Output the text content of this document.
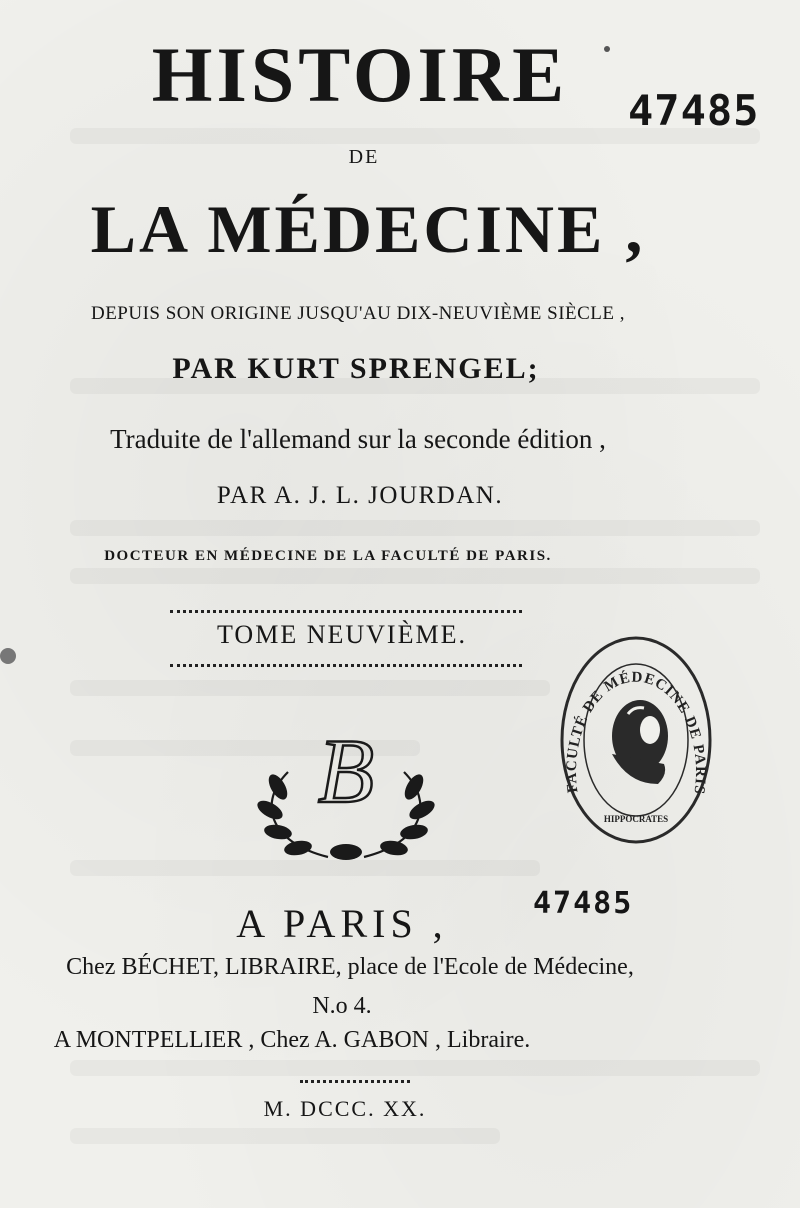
HISTOIRE
DE
LA MÉDECINE ,
DEPUIS SON ORIGINE JUSQU'AU DIX-NEUVIÈME SIÈCLE ,
PAR KURT SPRENGEL;
Traduite de l'allemand sur la seconde édition ,
PAR A. J. L. JOURDAN.
DOCTEUR EN MÉDECINE DE LA FACULTÉ DE PARIS.
TOME NEUVIÈME.
B	FACULTÉ DE MÉDECINE DE PARIS
HIPPOCRATES
47485
A PARIS ,	47485
Chez BÉCHET, LIBRAIRE, place de l'Ecole de Médecine,
N.o 4.
A MONTPELLIER , Chez A. GABON , Libraire.
M. DCCC. XX.
